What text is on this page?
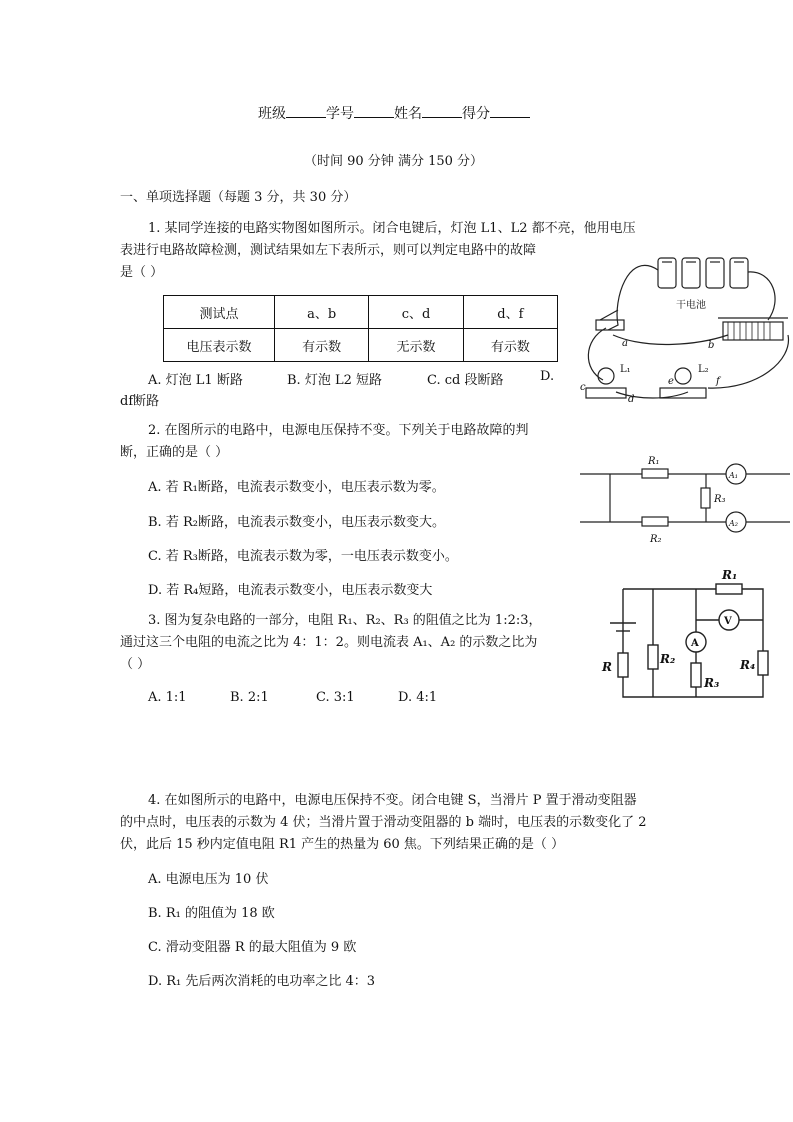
班级	学号	姓名	得分
（时间 90 分钟 满分 150 分）
一、单项选择题（每题 3 分，共 30 分）
1. 某同学连接的电路实物图如图所示。闭合电键后，灯泡 L1、L2 都不亮，他用电压
表进行电路故障检测，测试结果如左下表所示，则可以判定电路中的故障
是（ ）
测试点	a、b	c、d	d、f
电压表示数	有示数	无示数	有示数
A. 灯泡 L1 断路	B. 灯泡 L2 短路	C. cd 段断路	D.
df断路
干电池
L₁	L₂
a	b
c
d
e	f
2. 在图所示的电路中，电源电压保持不变。下列关于电路故障的判
断，正确的是（ ）
A. 若 R₁断路，电流表示数变小，电压表示数为零。
B. 若 R₂断路，电流表示数变小，电压表示数变大。
C. 若 R₃断路，电流表示数为零，一电压表示数变小。
D. 若 R₄短路，电流表示数变小，电压表示数变大
R₁
R₂
R₃
A₁
A₂
3. 图为复杂电路的一部分，电阻 R₁、R₂、R₃ 的阻值之比为 1:2:3，
通过这三个电阻的电流之比为 4：1：2。则电流表 A₁、A₂ 的示数之比为
（ ）
A. 1:1	B. 2:1	C. 3:1	D. 4:1
R
R₂
R₃
R₄
R₁
V
A
4. 在如图所示的电路中，电源电压保持不变。闭合电键 S，当滑片 P 置于滑动变阻器
的中点时，电压表的示数为 4 伏；当滑片置于滑动变阻器的 b 端时，电压表的示数变化了 2
伏，此后 15 秒内定值电阻 R1 产生的热量为 60 焦。下列结果正确的是（ ）
A. 电源电压为 10 伏
B. R₁ 的阻值为 18 欧
C. 滑动变阻器 R 的最大阻值为 9 欧
D. R₁ 先后两次消耗的电功率之比 4：3
